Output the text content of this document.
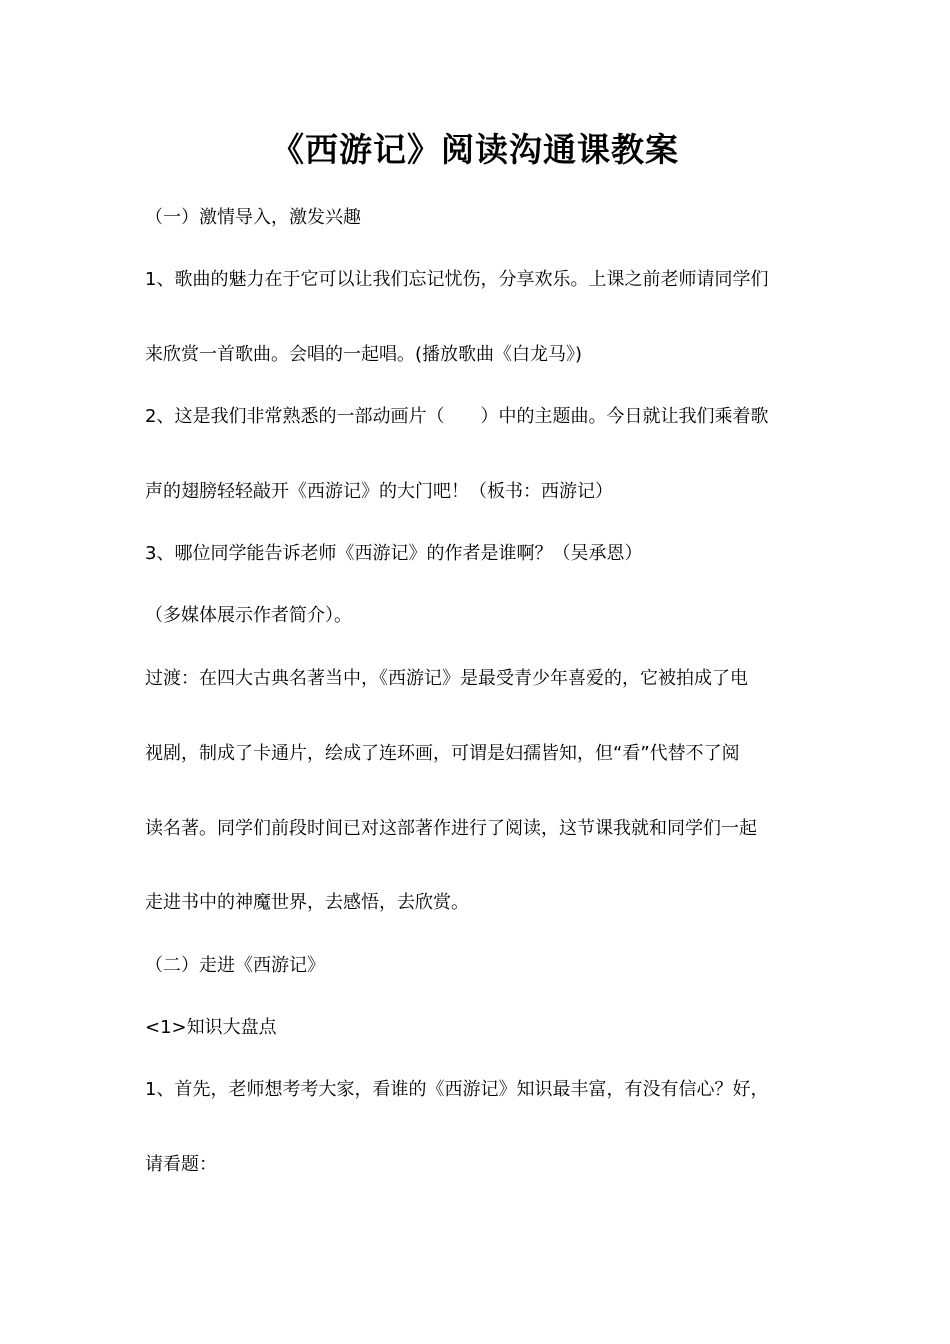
《西游记》阅读沟通课教案
（一）激情导入，激发兴趣
1、歌曲的魅力在于它可以让我们忘记忧伤，分享欢乐。上课之前老师请同学们
来欣赏一首歌曲。会唱的一起唱。(播放歌曲《白龙马》)
2、这是我们非常熟悉的一部动画片（　　）中的主题曲。今日就让我们乘着歌
声的翅膀轻轻敲开《西游记》的大门吧！（板书：西游记）
3、哪位同学能告诉老师《西游记》的作者是谁啊？（吴承恩）
（多媒体展示作者简介）。
过渡：在四大古典名著当中，《西游记》是最受青少年喜爱的，它被拍成了电
视剧，制成了卡通片，绘成了连环画，可谓是妇孺皆知，但“看”代替不了阅
读名著。同学们前段时间已对这部著作进行了阅读，这节课我就和同学们一起
走进书中的神魔世界，去感悟，去欣赏。
（二）走进《西游记》
<1>知识大盘点
1、首先，老师想考考大家，看谁的《西游记》知识最丰富，有没有信心？好，
请看题：
